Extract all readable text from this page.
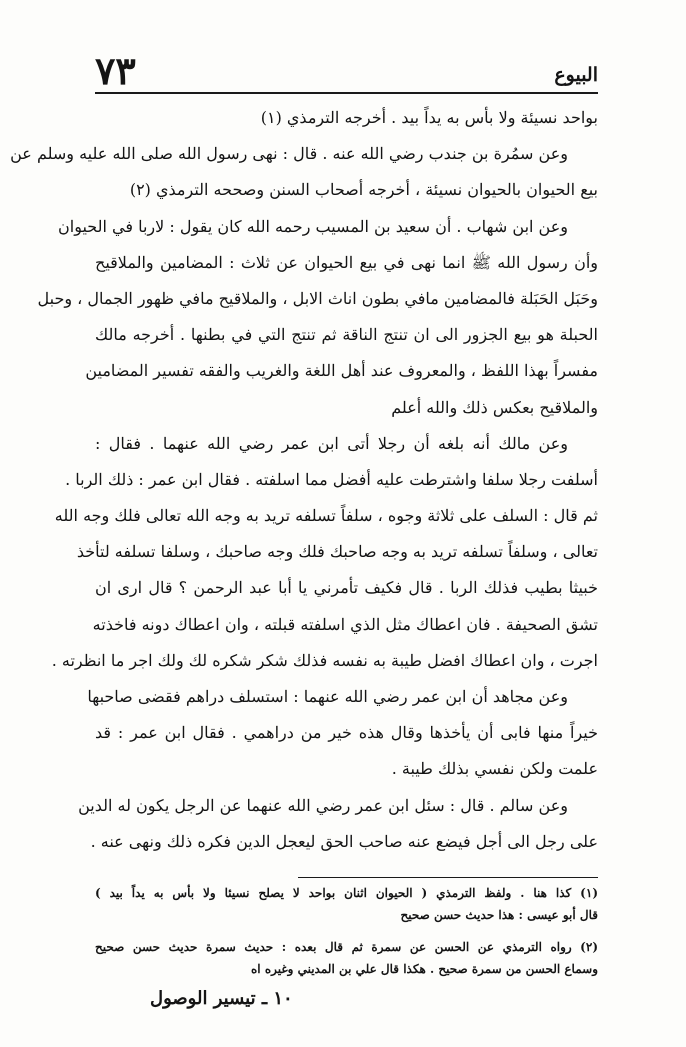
٧٣	البيوع
بواحد نسيئة ولا بأس به يداً بيد . أخرجه الترمذي (١)
وعن سمُرة بن جندب رضي الله عنه . قال : نهى رسول الله صلى الله عليه وسلم عن
بيع الحيوان بالحيوان نسيئة ، أخرجه أصحاب السنن وصححه الترمذي (٢)
وعن ابن شهاب . أن سعيد بن المسيب رحمه الله كان يقول : لاربا في الحيوان
وأن رسول الله ﷺ انما نهى في بيع الحيوان عن ثلاث : المضامين والملاقيح
وحَبَل الحَبَلة فالمضامين مافي بطون اناث الابل ، والملاقيح مافي ظهور الجمال ، وحبل
الحبلة هو بيع الجزور الى ان تنتج الناقة ثم تنتج التي في بطنها . أخرجه مالك
مفسراً بهذا اللفظ ، والمعروف عند أهل اللغة والغريب والفقه تفسير المضامين
والملاقيح بعكس ذلك والله أعلم
وعن مالك أنه بلغه أن رجلا أتى ابن عمر رضي الله عنهما . فقال :
أسلفت رجلا سلفا واشترطت عليه أفضل مما اسلفته . فقال ابن عمر : ذلك الربا .
ثم قال : السلف على ثلاثة وجوه ، سلفاً تسلفه تريد به وجه الله تعالى فلك وجه الله
تعالى ، وسلفاً تسلفه تريد به وجه صاحبك فلك وجه صاحبك ، وسلفا تسلفه لتأخذ
خبيثا بطيب فذلك الربا . قال فكيف تأمرني يا أبا عبد الرحمن ؟ قال ارى ان
تشق الصحيفة . فان اعطاك مثل الذي اسلفته قبلته ، وان اعطاك دونه فاخذته
اجرت ، وان اعطاك افضل طيبة به نفسه فذلك شكر شكره لك ولك اجر ما انظرته .
وعن مجاهد أن ابن عمر رضي الله عنهما : استسلف دراهم فقضى صاحبها
خيراً منها فابى أن يأخذها وقال هذه خير من دراهمي . فقال ابن عمر : قد
علمت ولكن نفسي بذلك طيبة .
وعن سالم . قال : سئل ابن عمر رضي الله عنهما عن الرجل يكون له الدين
على رجل الى أجل فيضع عنه صاحب الحق ليعجل الدين فكره ذلك ونهى عنه .
(١) كذا هنا . ولفظ الترمذي ( الحيوان اثنان بواحد لا يصلح نسيئا ولا بأس به يداً بيد )
قال أبو عيسى : هذا حديث حسن صحيح
(٢) رواه الترمذي عن الحسن عن سمرة ثم قال بعده : حديث سمرة حديث حسن صحيح
وسماع الحسن من سمرة صحيح . هكذا قال علي بن المديني وغيره اه
١٠ ـ تيسير الوصول
